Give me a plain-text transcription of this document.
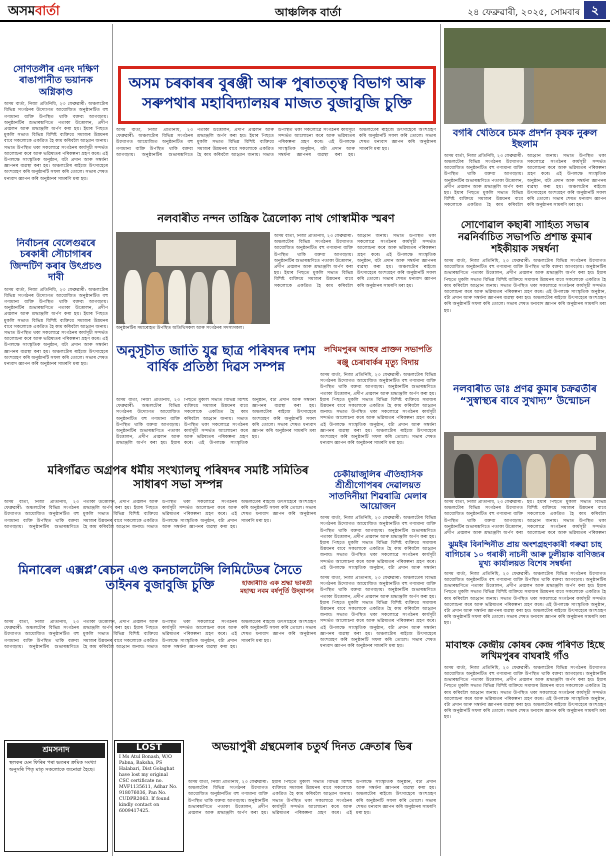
অসমবাৰ্তা	আঞ্চলিক বাৰ্তা	২৪ ফেব্ৰুৱাৰী, ২০২৫, সোমবাৰ ২
সোণতলীৰ এনং দক্ষিণ ৰাঙাপানীত ভয়ানক অগ্নিকাণ্ড
অসম বাৰ্তা, নিজা প্ৰতিনিধি, ২৩ ফেব্ৰুৱাৰী: অঞ্চলটোৰ বিভিন্ন সংগঠনৰ উদ্যোগত আয়োজিত অনুষ্ঠানটিত বহু গণ্যমান্য ব্যক্তি উপস্থিত থাকি বক্তব্য আগবঢ়ায়। অনুষ্ঠানটিৰ শুভাৰম্ভণিতে পতাকা উত্তোলন, প্ৰদীপ প্ৰজ্বলন আৰু শ্ৰদ্ধাঞ্জলি অৰ্পণ কৰা হয়। ইয়াৰ পিছতে মুকলি সভাত বিভিন্ন বিশিষ্ট ব্যক্তিয়ে সমাজৰ উন্নয়নৰ বাবে সকলোকে একত্ৰিত হৈ কাম কৰিবলৈ আহ্বান জনায়। সভাত উপস্থিত থকা সকলোৱে সংগঠনৰ কাৰ্যসূচী সন্দৰ্ভত আলোচনা কৰে আৰু ভৱিষ্যতৰ পৰিকল্পনা গ্ৰহণ কৰে। এই উপলক্ষে সাংস্কৃতিক অনুষ্ঠান, বটা প্ৰদান আৰু সম্বৰ্ধনা জ্ঞাপনৰ ব্যৱস্থা কৰা হয়। অঞ্চলটোৰ ৰাইজে উৎসাহেৰে অংশগ্ৰহণ কৰি অনুষ্ঠানটি সফল কৰি তোলে। সভাৰ শেষত ধন্যবাদ জ্ঞাপন কৰি অনুষ্ঠানৰ সামৰণি মৰা হয়।
নিৰ্বাচনৰ বেলেগুৱৰে চৰকাৰী সৌচাগাৰৰ জিন্দটিণ কৰাৰ উৎপ্রচণ্ড দাবী
অসম বাৰ্তা, নিজা প্ৰতিনিধি, ২৩ ফেব্ৰুৱাৰী: অঞ্চলটোৰ বিভিন্ন সংগঠনৰ উদ্যোগত আয়োজিত অনুষ্ঠানটিত বহু গণ্যমান্য ব্যক্তি উপস্থিত থাকি বক্তব্য আগবঢ়ায়। অনুষ্ঠানটিৰ শুভাৰম্ভণিতে পতাকা উত্তোলন, প্ৰদীপ প্ৰজ্বলন আৰু শ্ৰদ্ধাঞ্জলি অৰ্পণ কৰা হয়। ইয়াৰ পিছতে মুকলি সভাত বিভিন্ন বিশিষ্ট ব্যক্তিয়ে সমাজৰ উন্নয়নৰ বাবে সকলোকে একত্ৰিত হৈ কাম কৰিবলৈ আহ্বান জনায়। সভাত উপস্থিত থকা সকলোৱে সংগঠনৰ কাৰ্যসূচী সন্দৰ্ভত আলোচনা কৰে আৰু ভৱিষ্যতৰ পৰিকল্পনা গ্ৰহণ কৰে। এই উপলক্ষে সাংস্কৃতিক অনুষ্ঠান, বটা প্ৰদান আৰু সম্বৰ্ধনা জ্ঞাপনৰ ব্যৱস্থা কৰা হয়। অঞ্চলটোৰ ৰাইজে উৎসাহেৰে অংশগ্ৰহণ কৰি অনুষ্ঠানটি সফল কৰি তোলে। সভাৰ শেষত ধন্যবাদ জ্ঞাপন কৰি অনুষ্ঠানৰ সামৰণি মৰা হয়।
শ্ৰমসনাদ
স্থলকৰ মেন ফিৰিৰ পৰা ভতৰৰ ক্ৰমিক সংখ্যা অনুসৰি পিতৃ মাতৃ সকলোকে জনোৱা হৈছে।
অসম চৰকাৰৰ বুৰঞ্জী আৰু পুৰাতত্ত্ব বিভাগ আৰু সৰুপথাৰ মহাবিদ্যালয়ৰ মাজত বুজাবুজি চুক্তি
অসম বাৰ্তা, নিজা প্ৰতিনিধি, ২৩ ফেব্ৰুৱাৰী: অঞ্চলটোৰ বিভিন্ন সংগঠনৰ উদ্যোগত আয়োজিত অনুষ্ঠানটিত বহু গণ্যমান্য ব্যক্তি উপস্থিত থাকি বক্তব্য আগবঢ়ায়। অনুষ্ঠানটিৰ শুভাৰম্ভণিতে পতাকা উত্তোলন, প্ৰদীপ প্ৰজ্বলন আৰু শ্ৰদ্ধাঞ্জলি অৰ্পণ কৰা হয়। ইয়াৰ পিছতে মুকলি সভাত বিভিন্ন বিশিষ্ট ব্যক্তিয়ে সমাজৰ উন্নয়নৰ বাবে সকলোকে একত্ৰিত হৈ কাম কৰিবলৈ আহ্বান জনায়। সভাত উপস্থিত থকা সকলোৱে সংগঠনৰ কাৰ্যসূচী সন্দৰ্ভত আলোচনা কৰে আৰু ভৱিষ্যতৰ পৰিকল্পনা গ্ৰহণ কৰে। এই উপলক্ষে সাংস্কৃতিক অনুষ্ঠান, বটা প্ৰদান আৰু সম্বৰ্ধনা জ্ঞাপনৰ ব্যৱস্থা কৰা হয়। অঞ্চলটোৰ ৰাইজে উৎসাহেৰে অংশগ্ৰহণ কৰি অনুষ্ঠানটি সফল কৰি তোলে। সভাৰ শেষত ধন্যবাদ জ্ঞাপন কৰি অনুষ্ঠানৰ সামৰণি মৰা হয়।
নলবাৰীত নন্দন তান্ত্ৰিক ত্ৰৈলোক্য নাথ গোস্বামীক স্মৰণ
অনুষ্ঠানটিৰ সমাৰোহত উপস্থিত অতিথিসকল আৰু সংগঠনৰ সদস্যসকল।
অসম বাৰ্তা, নিজা প্ৰতিনিধি, ২৩ ফেব্ৰুৱাৰী: অঞ্চলটোৰ বিভিন্ন সংগঠনৰ উদ্যোগত আয়োজিত অনুষ্ঠানটিত বহু গণ্যমান্য ব্যক্তি উপস্থিত থাকি বক্তব্য আগবঢ়ায়। অনুষ্ঠানটিৰ শুভাৰম্ভণিতে পতাকা উত্তোলন, প্ৰদীপ প্ৰজ্বলন আৰু শ্ৰদ্ধাঞ্জলি অৰ্পণ কৰা হয়। ইয়াৰ পিছতে মুকলি সভাত বিভিন্ন বিশিষ্ট ব্যক্তিয়ে সমাজৰ উন্নয়নৰ বাবে সকলোকে একত্ৰিত হৈ কাম কৰিবলৈ আহ্বান জনায়। সভাত উপস্থিত থকা সকলোৱে সংগঠনৰ কাৰ্যসূচী সন্দৰ্ভত আলোচনা কৰে আৰু ভৱিষ্যতৰ পৰিকল্পনা গ্ৰহণ কৰে। এই উপলক্ষে সাংস্কৃতিক অনুষ্ঠান, বটা প্ৰদান আৰু সম্বৰ্ধনা জ্ঞাপনৰ ব্যৱস্থা কৰা হয়। অঞ্চলটোৰ ৰাইজে উৎসাহেৰে অংশগ্ৰহণ কৰি অনুষ্ঠানটি সফল কৰি তোলে। সভাৰ শেষত ধন্যবাদ জ্ঞাপন কৰি অনুষ্ঠানৰ সামৰণি মৰা হয়।
অনুসূচীত জাতি যুৱ ছাত্ৰ পৰিষদৰ দশম বাৰ্ষিক প্ৰতিষ্ঠা দিৱস সম্পন্ন
অসম বাৰ্তা, নিজা প্ৰতিনিধি, ২৩ ফেব্ৰুৱাৰী: অঞ্চলটোৰ বিভিন্ন সংগঠনৰ উদ্যোগত আয়োজিত অনুষ্ঠানটিত বহু গণ্যমান্য ব্যক্তি উপস্থিত থাকি বক্তব্য আগবঢ়ায়। অনুষ্ঠানটিৰ শুভাৰম্ভণিতে পতাকা উত্তোলন, প্ৰদীপ প্ৰজ্বলন আৰু শ্ৰদ্ধাঞ্জলি অৰ্পণ কৰা হয়। ইয়াৰ পিছতে মুকলি সভাত বিভিন্ন বিশিষ্ট ব্যক্তিয়ে সমাজৰ উন্নয়নৰ বাবে সকলোকে একত্ৰিত হৈ কাম কৰিবলৈ আহ্বান জনায়। সভাত উপস্থিত থকা সকলোৱে সংগঠনৰ কাৰ্যসূচী সন্দৰ্ভত আলোচনা কৰে আৰু ভৱিষ্যতৰ পৰিকল্পনা গ্ৰহণ কৰে। এই উপলক্ষে সাংস্কৃতিক অনুষ্ঠান, বটা প্ৰদান আৰু সম্বৰ্ধনা জ্ঞাপনৰ ব্যৱস্থা কৰা হয়। অঞ্চলটোৰ ৰাইজে উৎসাহেৰে অংশগ্ৰহণ কৰি অনুষ্ঠানটি সফল কৰি তোলে। সভাৰ শেষত ধন্যবাদ জ্ঞাপন কৰি অনুষ্ঠানৰ সামৰণি মৰা হয়।
মৰিগাঁৱত অগ্ৰপৰ ধৰ্মীয় সংখ্যালঘু পৰিষদৰ সমষ্টি সমিতিৰ সাধাৰণ সভা সম্পন্ন
অসম বাৰ্তা, নিজা প্ৰতিনিধি, ২৩ ফেব্ৰুৱাৰী: অঞ্চলটোৰ বিভিন্ন সংগঠনৰ উদ্যোগত আয়োজিত অনুষ্ঠানটিত বহু গণ্যমান্য ব্যক্তি উপস্থিত থাকি বক্তব্য আগবঢ়ায়। অনুষ্ঠানটিৰ শুভাৰম্ভণিতে পতাকা উত্তোলন, প্ৰদীপ প্ৰজ্বলন আৰু শ্ৰদ্ধাঞ্জলি অৰ্পণ কৰা হয়। ইয়াৰ পিছতে মুকলি সভাত বিভিন্ন বিশিষ্ট ব্যক্তিয়ে সমাজৰ উন্নয়নৰ বাবে সকলোকে একত্ৰিত হৈ কাম কৰিবলৈ আহ্বান জনায়। সভাত উপস্থিত থকা সকলোৱে সংগঠনৰ কাৰ্যসূচী সন্দৰ্ভত আলোচনা কৰে আৰু ভৱিষ্যতৰ পৰিকল্পনা গ্ৰহণ কৰে। এই উপলক্ষে সাংস্কৃতিক অনুষ্ঠান, বটা প্ৰদান আৰু সম্বৰ্ধনা জ্ঞাপনৰ ব্যৱস্থা কৰা হয়। অঞ্চলটোৰ ৰাইজে উৎসাহেৰে অংশগ্ৰহণ কৰি অনুষ্ঠানটি সফল কৰি তোলে। সভাৰ শেষত ধন্যবাদ জ্ঞাপন কৰি অনুষ্ঠানৰ সামৰণি মৰা হয়।
মিনাৰেল এক্সপ্ল’ৰেচন এণ্ড কনচালটেন্সি লিমিটেডৰ সৈতে তাইনৰ বুজাবুজি চুক্তি
অসম বাৰ্তা, নিজা প্ৰতিনিধি, ২৩ ফেব্ৰুৱাৰী: অঞ্চলটোৰ বিভিন্ন সংগঠনৰ উদ্যোগত আয়োজিত অনুষ্ঠানটিত বহু গণ্যমান্য ব্যক্তি উপস্থিত থাকি বক্তব্য আগবঢ়ায়। অনুষ্ঠানটিৰ শুভাৰম্ভণিতে পতাকা উত্তোলন, প্ৰদীপ প্ৰজ্বলন আৰু শ্ৰদ্ধাঞ্জলি অৰ্পণ কৰা হয়। ইয়াৰ পিছতে মুকলি সভাত বিভিন্ন বিশিষ্ট ব্যক্তিয়ে সমাজৰ উন্নয়নৰ বাবে সকলোকে একত্ৰিত হৈ কাম কৰিবলৈ আহ্বান জনায়। সভাত উপস্থিত থকা সকলোৱে সংগঠনৰ কাৰ্যসূচী সন্দৰ্ভত আলোচনা কৰে আৰু ভৱিষ্যতৰ পৰিকল্পনা গ্ৰহণ কৰে। এই উপলক্ষে সাংস্কৃতিক অনুষ্ঠান, বটা প্ৰদান আৰু সম্বৰ্ধনা জ্ঞাপনৰ ব্যৱস্থা কৰা হয়। অঞ্চলটোৰ ৰাইজে উৎসাহেৰে অংশগ্ৰহণ কৰি অনুষ্ঠানটি সফল কৰি তোলে। সভাৰ শেষত ধন্যবাদ জ্ঞাপন কৰি অনুষ্ঠানৰ সামৰণি মৰা হয়।
LOST
I Ms Atul Bonash, W/O Pabna, Baksha, PS Halabari, Dist Golaghat have lost my original CSC certificate no. MVF1135611, Adhar No. 918076036, Pan No. CUDPR2063. If found kindly contact on 6009417425.
অভয়াপুৰী গ্ৰন্থমেলাৰ চতুৰ্থ দিনত ক্ৰেতাৰ ভিৰ
অসম বাৰ্তা, নিজা প্ৰতিনিধি, ২৩ ফেব্ৰুৱাৰী: অঞ্চলটোৰ বিভিন্ন সংগঠনৰ উদ্যোগত আয়োজিত অনুষ্ঠানটিত বহু গণ্যমান্য ব্যক্তি উপস্থিত থাকি বক্তব্য আগবঢ়ায়। অনুষ্ঠানটিৰ শুভাৰম্ভণিতে পতাকা উত্তোলন, প্ৰদীপ প্ৰজ্বলন আৰু শ্ৰদ্ধাঞ্জলি অৰ্পণ কৰা হয়। ইয়াৰ পিছতে মুকলি সভাত বিভিন্ন বিশিষ্ট ব্যক্তিয়ে সমাজৰ উন্নয়নৰ বাবে সকলোকে একত্ৰিত হৈ কাম কৰিবলৈ আহ্বান জনায়। সভাত উপস্থিত থকা সকলোৱে সংগঠনৰ কাৰ্যসূচী সন্দৰ্ভত আলোচনা কৰে আৰু ভৱিষ্যতৰ পৰিকল্পনা গ্ৰহণ কৰে। এই উপলক্ষে সাংস্কৃতিক অনুষ্ঠান, বটা প্ৰদান আৰু সম্বৰ্ধনা জ্ঞাপনৰ ব্যৱস্থা কৰা হয়। অঞ্চলটোৰ ৰাইজে উৎসাহেৰে অংশগ্ৰহণ কৰি অনুষ্ঠানটি সফল কৰি তোলে। সভাৰ শেষত ধন্যবাদ জ্ঞাপন কৰি অনুষ্ঠানৰ সামৰণি মৰা হয়।
লখিমপুৰৰ আহুৰ প্ৰাক্তন সভাপতি ৰঞ্জু চেৰাবাৰ্কৰ মৃত্যু বিদায়
অসম বাৰ্তা, নিজা প্ৰতিনিধি, ২৩ ফেব্ৰুৱাৰী: অঞ্চলটোৰ বিভিন্ন সংগঠনৰ উদ্যোগত আয়োজিত অনুষ্ঠানটিত বহু গণ্যমান্য ব্যক্তি উপস্থিত থাকি বক্তব্য আগবঢ়ায়। অনুষ্ঠানটিৰ শুভাৰম্ভণিতে পতাকা উত্তোলন, প্ৰদীপ প্ৰজ্বলন আৰু শ্ৰদ্ধাঞ্জলি অৰ্পণ কৰা হয়। ইয়াৰ পিছতে মুকলি সভাত বিভিন্ন বিশিষ্ট ব্যক্তিয়ে সমাজৰ উন্নয়নৰ বাবে সকলোকে একত্ৰিত হৈ কাম কৰিবলৈ আহ্বান জনায়। সভাত উপস্থিত থকা সকলোৱে সংগঠনৰ কাৰ্যসূচী সন্দৰ্ভত আলোচনা কৰে আৰু ভৱিষ্যতৰ পৰিকল্পনা গ্ৰহণ কৰে। এই উপলক্ষে সাংস্কৃতিক অনুষ্ঠান, বটা প্ৰদান আৰু সম্বৰ্ধনা জ্ঞাপনৰ ব্যৱস্থা কৰা হয়। অঞ্চলটোৰ ৰাইজে উৎসাহেৰে অংশগ্ৰহণ কৰি অনুষ্ঠানটি সফল কৰি তোলে। সভাৰ শেষত ধন্যবাদ জ্ঞাপন কৰি অনুষ্ঠানৰ সামৰণি মৰা হয়।
চেকীয়াজুলিৰ ঐতিহাসিক শ্ৰীশ্ৰীগোপৰৰ দেৱালয়ত সাতদিনীয়া শিৱৰাত্ৰি মেলাৰ আয়োজন
অসম বাৰ্তা, নিজা প্ৰতিনিধি, ২৩ ফেব্ৰুৱাৰী: অঞ্চলটোৰ বিভিন্ন সংগঠনৰ উদ্যোগত আয়োজিত অনুষ্ঠানটিত বহু গণ্যমান্য ব্যক্তি উপস্থিত থাকি বক্তব্য আগবঢ়ায়। অনুষ্ঠানটিৰ শুভাৰম্ভণিতে পতাকা উত্তোলন, প্ৰদীপ প্ৰজ্বলন আৰু শ্ৰদ্ধাঞ্জলি অৰ্পণ কৰা হয়। ইয়াৰ পিছতে মুকলি সভাত বিভিন্ন বিশিষ্ট ব্যক্তিয়ে সমাজৰ উন্নয়নৰ বাবে সকলোকে একত্ৰিত হৈ কাম কৰিবলৈ আহ্বান জনায়। সভাত উপস্থিত থকা সকলোৱে সংগঠনৰ কাৰ্যসূচী সন্দৰ্ভত আলোচনা কৰে আৰু ভৱিষ্যতৰ পৰিকল্পনা গ্ৰহণ কৰে। এই উপলক্ষে সাংস্কৃতিক অনুষ্ঠান, বটা প্ৰদান আৰু সম্বৰ্ধনা
হাজাৰীতি এক শ্ৰদ্ধা ভাৰতী মহাত্ম নবম বৰ্ষপূৰ্তি উদ্‌যাপন
অসম বাৰ্তা, নিজা প্ৰতিনিধি, ২৩ ফেব্ৰুৱাৰী: অঞ্চলটোৰ বিভিন্ন সংগঠনৰ উদ্যোগত আয়োজিত অনুষ্ঠানটিত বহু গণ্যমান্য ব্যক্তি উপস্থিত থাকি বক্তব্য আগবঢ়ায়। অনুষ্ঠানটিৰ শুভাৰম্ভণিতে পতাকা উত্তোলন, প্ৰদীপ প্ৰজ্বলন আৰু শ্ৰদ্ধাঞ্জলি অৰ্পণ কৰা হয়। ইয়াৰ পিছতে মুকলি সভাত বিভিন্ন বিশিষ্ট ব্যক্তিয়ে সমাজৰ উন্নয়নৰ বাবে সকলোকে একত্ৰিত হৈ কাম কৰিবলৈ আহ্বান জনায়। সভাত উপস্থিত থকা সকলোৱে সংগঠনৰ কাৰ্যসূচী সন্দৰ্ভত আলোচনা কৰে আৰু ভৱিষ্যতৰ পৰিকল্পনা গ্ৰহণ কৰে। এই উপলক্ষে সাংস্কৃতিক অনুষ্ঠান, বটা প্ৰদান আৰু সম্বৰ্ধনা জ্ঞাপনৰ ব্যৱস্থা কৰা হয়। অঞ্চলটোৰ ৰাইজে উৎসাহেৰে অংশগ্ৰহণ কৰি অনুষ্ঠানটি সফল কৰি তোলে। সভাৰ শেষত ধন্যবাদ জ্ঞাপন কৰি অনুষ্ঠানৰ সামৰণি মৰা হয়।
বগৰি খেতিৰে চমক প্ৰদৰ্শন কৃষক নুৰুল ইছলাম
অসম বাৰ্তা, নিজা প্ৰতিনিধি, ২৩ ফেব্ৰুৱাৰী: অঞ্চলটোৰ বিভিন্ন সংগঠনৰ উদ্যোগত আয়োজিত অনুষ্ঠানটিত বহু গণ্যমান্য ব্যক্তি উপস্থিত থাকি বক্তব্য আগবঢ়ায়। অনুষ্ঠানটিৰ শুভাৰম্ভণিতে পতাকা উত্তোলন, প্ৰদীপ প্ৰজ্বলন আৰু শ্ৰদ্ধাঞ্জলি অৰ্পণ কৰা হয়। ইয়াৰ পিছতে মুকলি সভাত বিভিন্ন বিশিষ্ট ব্যক্তিয়ে সমাজৰ উন্নয়নৰ বাবে সকলোকে একত্ৰিত হৈ কাম কৰিবলৈ আহ্বান জনায়। সভাত উপস্থিত থকা সকলোৱে সংগঠনৰ কাৰ্যসূচী সন্দৰ্ভত আলোচনা কৰে আৰু ভৱিষ্যতৰ পৰিকল্পনা গ্ৰহণ কৰে। এই উপলক্ষে সাংস্কৃতিক অনুষ্ঠান, বটা প্ৰদান আৰু সম্বৰ্ধনা জ্ঞাপনৰ ব্যৱস্থা কৰা হয়। অঞ্চলটোৰ ৰাইজে উৎসাহেৰে অংশগ্ৰহণ কৰি অনুষ্ঠানটি সফল কৰি তোলে। সভাৰ শেষত ধন্যবাদ জ্ঞাপন কৰি অনুষ্ঠানৰ সামৰণি মৰা হয়।
সোণোৱাল কছাৰী সাহিত্য সভাৰ নৱনিৰ্বাচিত সভাপতি প্ৰশান্ত কুমাৰ শইকীয়াক সম্বৰ্ধনা
অসম বাৰ্তা, নিজা প্ৰতিনিধি, ২৩ ফেব্ৰুৱাৰী: অঞ্চলটোৰ বিভিন্ন সংগঠনৰ উদ্যোগত আয়োজিত অনুষ্ঠানটিত বহু গণ্যমান্য ব্যক্তি উপস্থিত থাকি বক্তব্য আগবঢ়ায়। অনুষ্ঠানটিৰ শুভাৰম্ভণিতে পতাকা উত্তোলন, প্ৰদীপ প্ৰজ্বলন আৰু শ্ৰদ্ধাঞ্জলি অৰ্পণ কৰা হয়। ইয়াৰ পিছতে মুকলি সভাত বিভিন্ন বিশিষ্ট ব্যক্তিয়ে সমাজৰ উন্নয়নৰ বাবে সকলোকে একত্ৰিত হৈ কাম কৰিবলৈ আহ্বান জনায়। সভাত উপস্থিত থকা সকলোৱে সংগঠনৰ কাৰ্যসূচী সন্দৰ্ভত আলোচনা কৰে আৰু ভৱিষ্যতৰ পৰিকল্পনা গ্ৰহণ কৰে। এই উপলক্ষে সাংস্কৃতিক অনুষ্ঠান, বটা প্ৰদান আৰু সম্বৰ্ধনা জ্ঞাপনৰ ব্যৱস্থা কৰা হয়। অঞ্চলটোৰ ৰাইজে উৎসাহেৰে অংশগ্ৰহণ কৰি অনুষ্ঠানটি সফল কৰি তোলে। সভাৰ শেষত ধন্যবাদ জ্ঞাপন কৰি অনুষ্ঠানৰ সামৰণি মৰা হয়।
নলবাৰীত ডাঃ প্ৰণৱ কুমাৰ চক্ৰৱৰ্তীৰ “সুস্বাস্থ্যৰ বাবে সুখাদ্য” উন্মোচন
অসম বাৰ্তা, নিজা প্ৰতিনিধি, ২৩ ফেব্ৰুৱাৰী: অঞ্চলটোৰ বিভিন্ন সংগঠনৰ উদ্যোগত আয়োজিত অনুষ্ঠানটিত বহু গণ্যমান্য ব্যক্তি উপস্থিত থাকি বক্তব্য আগবঢ়ায়। অনুষ্ঠানটিৰ শুভাৰম্ভণিতে পতাকা উত্তোলন, প্ৰদীপ প্ৰজ্বলন আৰু শ্ৰদ্ধাঞ্জলি অৰ্পণ কৰা হয়। ইয়াৰ পিছতে মুকলি সভাত বিভিন্ন বিশিষ্ট ব্যক্তিয়ে সমাজৰ উন্নয়নৰ বাবে সকলোকে একত্ৰিত হৈ কাম কৰিবলৈ আহ্বান জনায়। সভাত উপস্থিত থকা সকলোৱে সংগঠনৰ কাৰ্যসূচী সন্দৰ্ভত আলোচনা কৰে আৰু ভৱিষ্যতৰ পৰিকল্পনা
ঝুমইৰ বিনন্দিনীত প্ৰায় অংশগ্ৰহণকাৰী গৰুৱা চাহ বাগিচাৰ ১০ গৰাকী নাচনী আৰু ঢুলীয়াক বাণিজ্যৰ মুখ্য কাৰ্যালয়ত বিশেষ সম্বৰ্ধনা
অসম বাৰ্তা, নিজা প্ৰতিনিধি, ২৩ ফেব্ৰুৱাৰী: অঞ্চলটোৰ বিভিন্ন সংগঠনৰ উদ্যোগত আয়োজিত অনুষ্ঠানটিত বহু গণ্যমান্য ব্যক্তি উপস্থিত থাকি বক্তব্য আগবঢ়ায়। অনুষ্ঠানটিৰ শুভাৰম্ভণিতে পতাকা উত্তোলন, প্ৰদীপ প্ৰজ্বলন আৰু শ্ৰদ্ধাঞ্জলি অৰ্পণ কৰা হয়। ইয়াৰ পিছতে মুকলি সভাত বিভিন্ন বিশিষ্ট ব্যক্তিয়ে সমাজৰ উন্নয়নৰ বাবে সকলোকে একত্ৰিত হৈ কাম কৰিবলৈ আহ্বান জনায়। সভাত উপস্থিত থকা সকলোৱে সংগঠনৰ কাৰ্যসূচী সন্দৰ্ভত আলোচনা কৰে আৰু ভৱিষ্যতৰ পৰিকল্পনা গ্ৰহণ কৰে। এই উপলক্ষে সাংস্কৃতিক অনুষ্ঠান, বটা প্ৰদান আৰু সম্বৰ্ধনা জ্ঞাপনৰ ব্যৱস্থা কৰা হয়। অঞ্চলটোৰ ৰাইজে উৎসাহেৰে অংশগ্ৰহণ কৰি অনুষ্ঠানটি সফল কৰি তোলে। সভাৰ শেষত ধন্যবাদ জ্ঞাপন কৰি অনুষ্ঠানৰ সামৰণি মৰা হয়।
মাবাহুক কেন্দ্ৰীয় কোষৰ কেন্দ্ৰ পৰিণত হিছে লখিমপুৰৰ বাঘৰাই গাঁও
অসম বাৰ্তা, নিজা প্ৰতিনিধি, ২৩ ফেব্ৰুৱাৰী: অঞ্চলটোৰ বিভিন্ন সংগঠনৰ উদ্যোগত আয়োজিত অনুষ্ঠানটিত বহু গণ্যমান্য ব্যক্তি উপস্থিত থাকি বক্তব্য আগবঢ়ায়। অনুষ্ঠানটিৰ শুভাৰম্ভণিতে পতাকা উত্তোলন, প্ৰদীপ প্ৰজ্বলন আৰু শ্ৰদ্ধাঞ্জলি অৰ্পণ কৰা হয়। ইয়াৰ পিছতে মুকলি সভাত বিভিন্ন বিশিষ্ট ব্যক্তিয়ে সমাজৰ উন্নয়নৰ বাবে সকলোকে একত্ৰিত হৈ কাম কৰিবলৈ আহ্বান জনায়। সভাত উপস্থিত থকা সকলোৱে সংগঠনৰ কাৰ্যসূচী সন্দৰ্ভত আলোচনা কৰে আৰু ভৱিষ্যতৰ পৰিকল্পনা গ্ৰহণ কৰে। এই উপলক্ষে সাংস্কৃতিক অনুষ্ঠান, বটা প্ৰদান আৰু সম্বৰ্ধনা জ্ঞাপনৰ ব্যৱস্থা কৰা হয়। অঞ্চলটোৰ ৰাইজে উৎসাহেৰে অংশগ্ৰহণ কৰি অনুষ্ঠানটি সফল কৰি তোলে। সভাৰ শেষত ধন্যবাদ জ্ঞাপন কৰি অনুষ্ঠানৰ সামৰণি মৰা হয়।
